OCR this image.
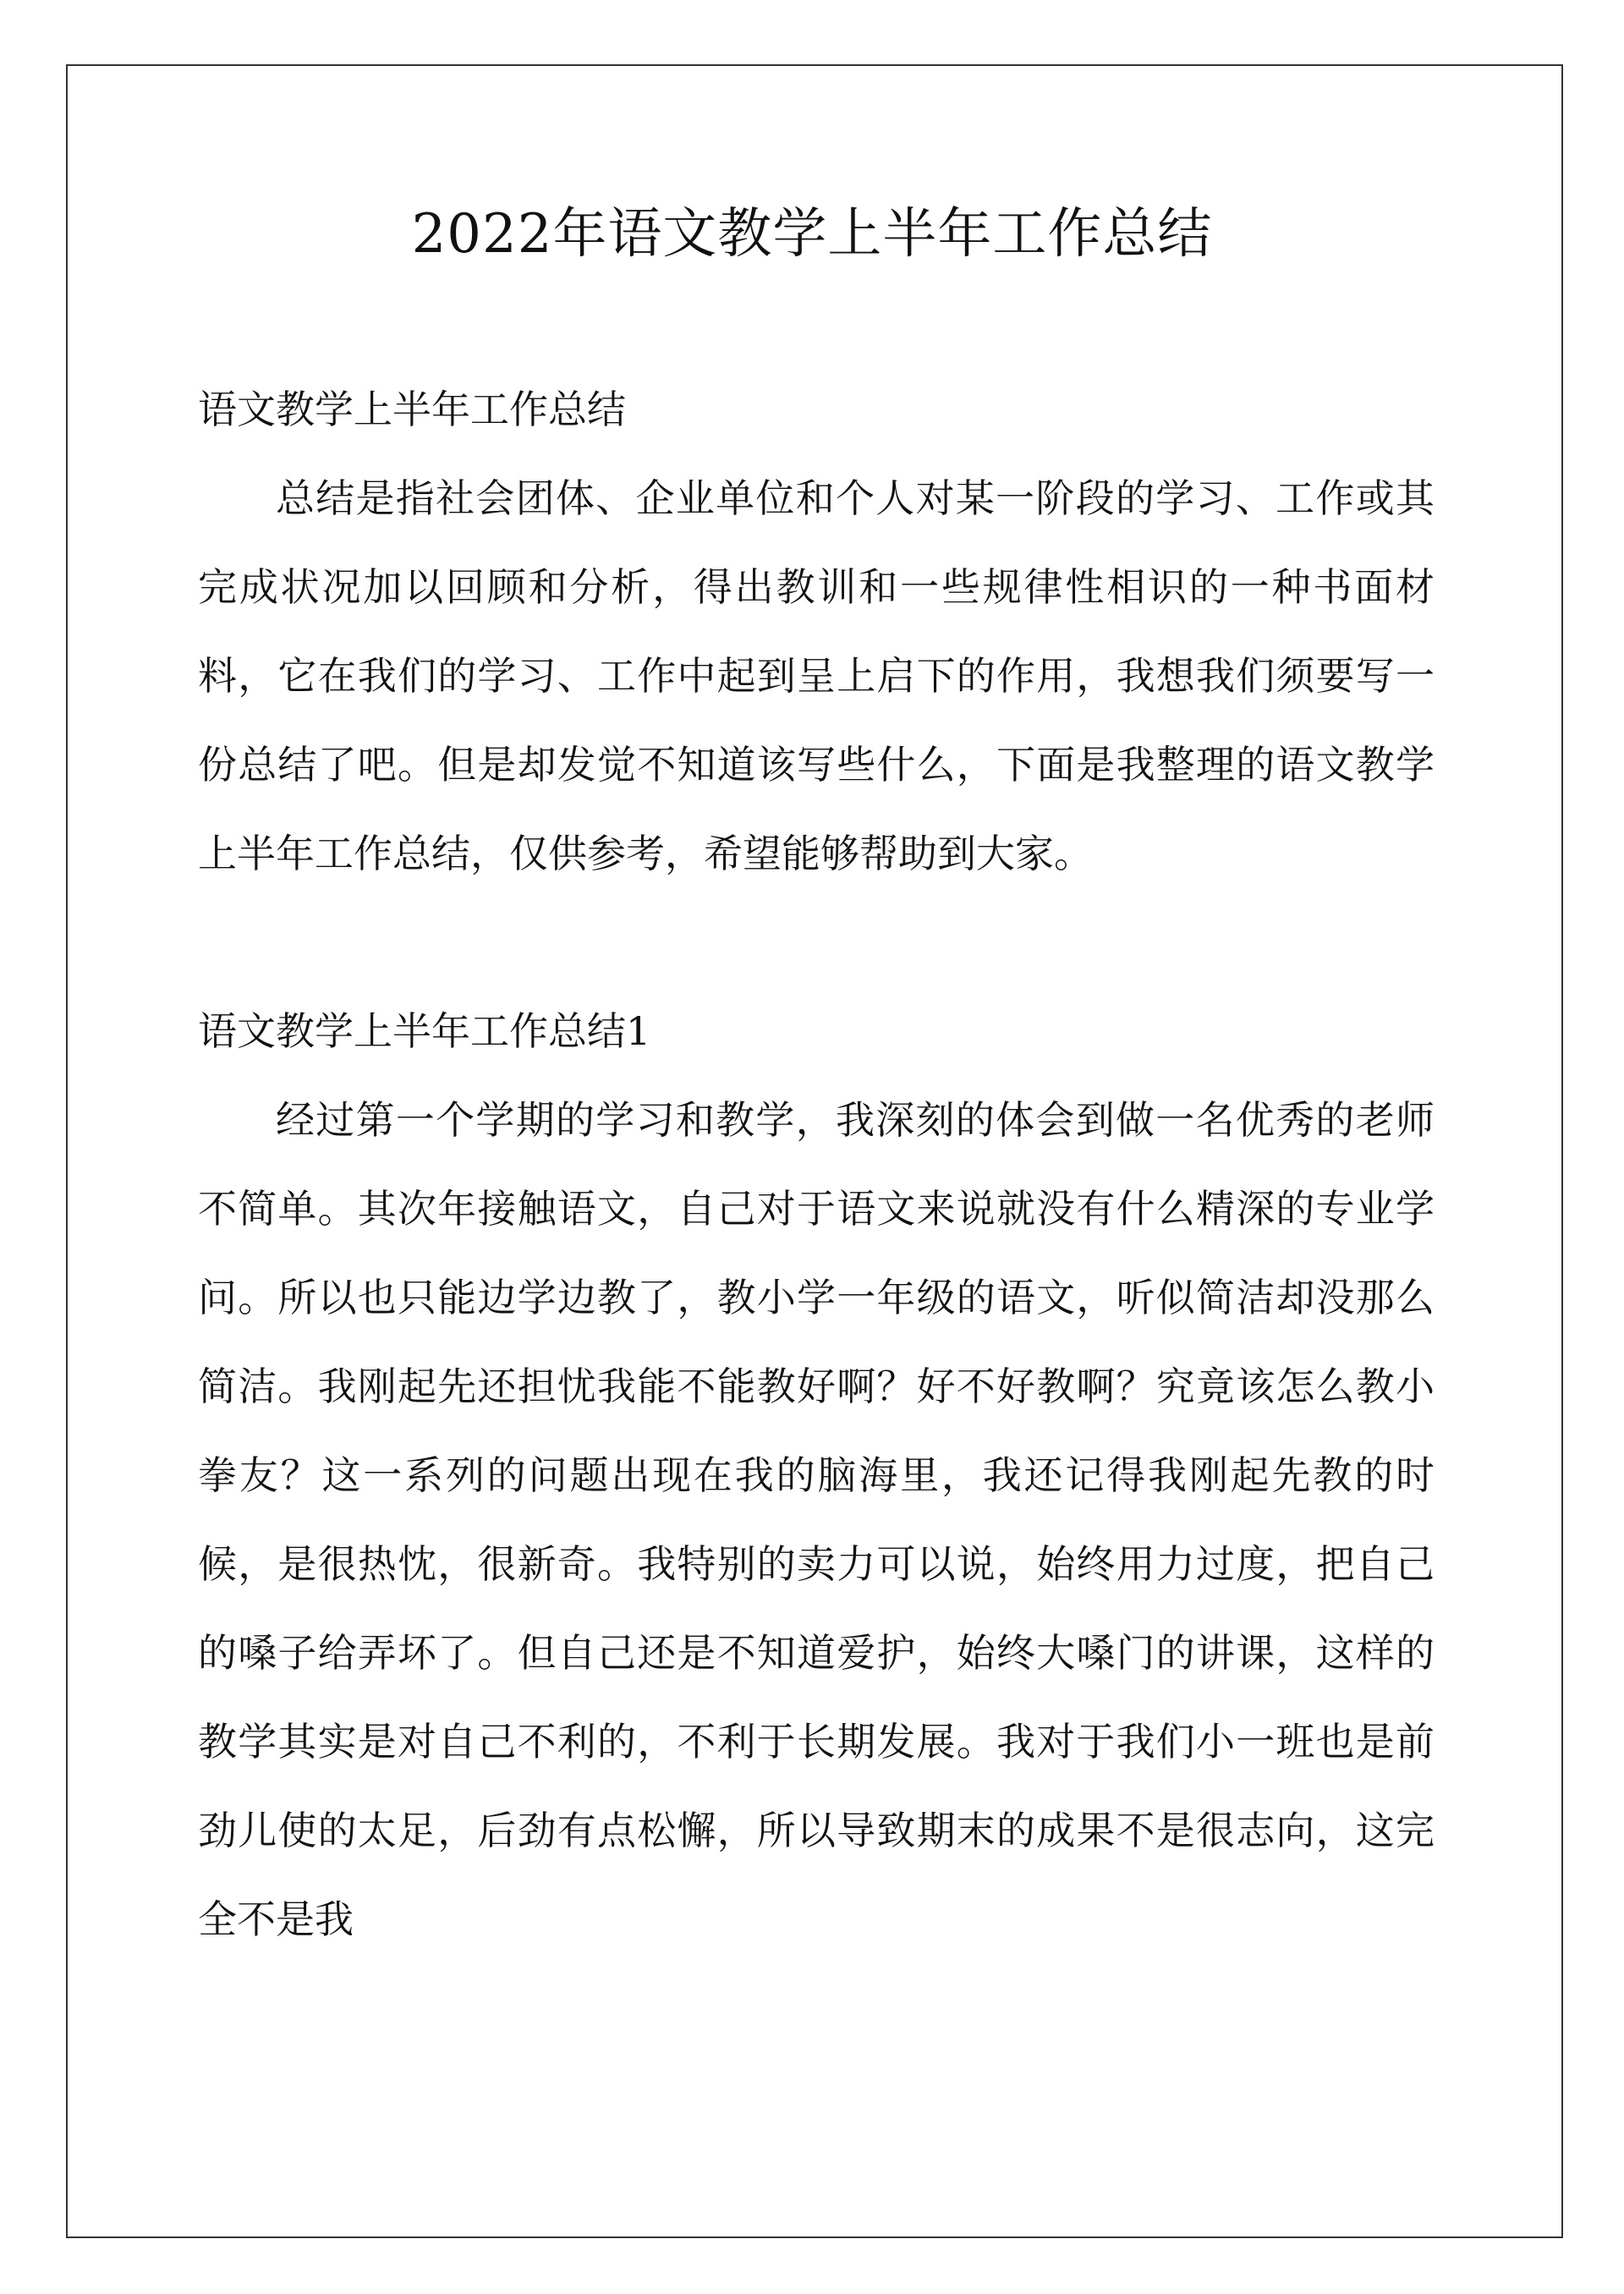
2022年语文教学上半年工作总结

语文教学上半年工作总结

总结是指社会团体、企业单位和个人对某一阶段的学习、工作或其完成状况加以回顾和分析，得出教训和一些规律性相识的一种书面材料，它在我们的学习、工作中起到呈上启下的作用，我想我们须要写一份总结了吧。但是却发觉不知道该写些什么，下面是我整理的语文教学上半年工作总结，仅供参考，希望能够帮助到大家。

语文教学上半年工作总结1

经过第一个学期的学习和教学，我深刻的体会到做一名优秀的老师不简单。其次年接触语文，自己对于语文来说就没有什么精深的专业学问。所以也只能边学边教了，教小学一年级的语文，听似简洁却没那么简洁。我刚起先还担忧我能不能教好啊？好不好教啊？究竟该怎么教小拳友？这一系列的问题出现在我的脑海里，我还记得我刚起先教的时候，是很热忱，很新奇。我特别的卖力可以说，始终用力过度，把自己的嗓子给弄坏了。但自己还是不知道爱护，始终大嗓门的讲课，这样的教学其实是对自己不利的，不利于长期发展。我对于我们小一班也是前劲儿使的太足，后劲有点松懈，所以导致期末的成果不是很志向，这完全不是我
